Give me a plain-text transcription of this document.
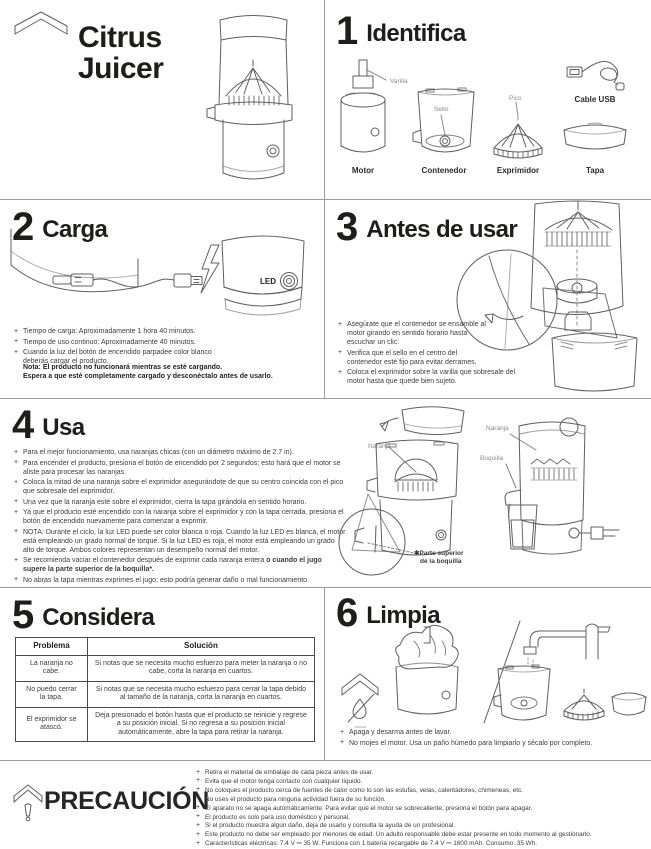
B ® Citrus
Juicer
Betterware
1 Identifica
Varilla
Sello
Pico	Cable USB
Motor	Contenedor	Exprimidor	Tapa
2 Carga
Betterware
LED
+ Tiempo de carga: Aproximadamente 1 hora 40 minutos.
+ Tiempo de uso continuo: Aproximadamente 40 minutos.
+ Cuando la luz del botón de encendido parpadee color blanco deberás cargar el producto.
Nota: El producto no funcionará mientras se esté cargando.
Espera a que esté completamente cargado y desconéctalo antes de usarlo.
3 Antes de usar
+ Asegúrate que el contenedor se ensamble al motor girando en sentido horario hasta escuchar un clic.
+ Verifica que el sello en el centro del contenedor esté fijo para evitar derrames.
+ Coloca el exprimidor sobre la varilla que sobresale del motor hasta que quede bien sujeto.
4 Usa
+ Para el mejor funcionamiento, usa naranjas chicas (con un diámetro máximo de 2.7 in).
+ Para encender el producto, presiona el botón de encendido por 2 segundos; esto hará que el motor se aliste para procesar las naranjas.
+ Coloca la mitad de una naranja sobre el exprimidor asegurándote de que su centro coincida con el pico que sobresale del exprimidor.
+ Una vez que la naranja esté sobre el exprimidor, cierra la tapa girándola en sentido horario.
+ Ya que el producto esté encendido con la naranja sobre el exprimidor y con la tapa cerrada, presiona el botón de encendido nuevamente para comenzar a exprimir.
+ NOTA: Durante el ciclo, la luz LED puede ser color blanca o roja. Cuando la luz LED es blanca, el motor está empleando un grado normal de torque. Si la luz LED es roja, el motor está empleando un grado alto de torque. Ambos colores representan un desempeño normal del motor.
+ Se recomienda vaciar el contenedor después de exprimir cada naranja entera o cuando el jugo supere la parte superior de la boquilla*.
+ No abras la tapa mientras exprimes el jugo; esto podría generar daño o mal funcionamiento.
Naranja
Naranja
Boquilla
✱Parte superior
de la boquilla
5 Considera
Problema	Solución
La naranja no cabe.	Si notas que se necesita mucho esfuerzo para meter la naranja o no cabe, corta la naranja en cuartos.
No puedo cerrar la tapa.	Si notas que se necesita mucho esfuerzo para cerrar la tapa debido al tamaño de la naranja, corta la naranja en cuartos.
El exprimidor se atascó.	Deja presionado el botón hasta que el producto se reinicie y regrese a su posición inicial. Si no regresa a su posición inicial automáticamente, abre la tapa para retirar la naranja.
6 Limpia
+ Apaga y desarma antes de lavar.
+ No mojes el motor. Usa un paño húmedo para limpiarlo y sécalo por completo.
PRECAUCIÓN
+ Retira el material de embalaje de cada pieza antes de usar.
+ Evita que el motor tenga contacto con cualquier líquido.
+ No coloques el producto cerca de fuentes de calor como lo son las estufas, velas, calentadores, chimeneas, etc.
+ No uses el producto para ninguna actividad fuera de su función.
+ El aparato no se apaga automáticamente. Para evitar que el motor se sobrecaliente, presiona el botón para apagar.
+ El producto es solo para uso doméstico y personal.
+ Si el producto muestra algún daño, deja de usarlo y consulta la ayuda de un profesional.
+ Este producto no debe ser empleado por menores de edad. Un adulto responsable debe estar presente en todo momento al gestionarlo.
+ Características eléctricas: 7.4 V ⎓ 35 W. Funciona con 1 batería recargable de 7.4 V ⎓ 1600 mAh. Consumo: 35 Wh.
